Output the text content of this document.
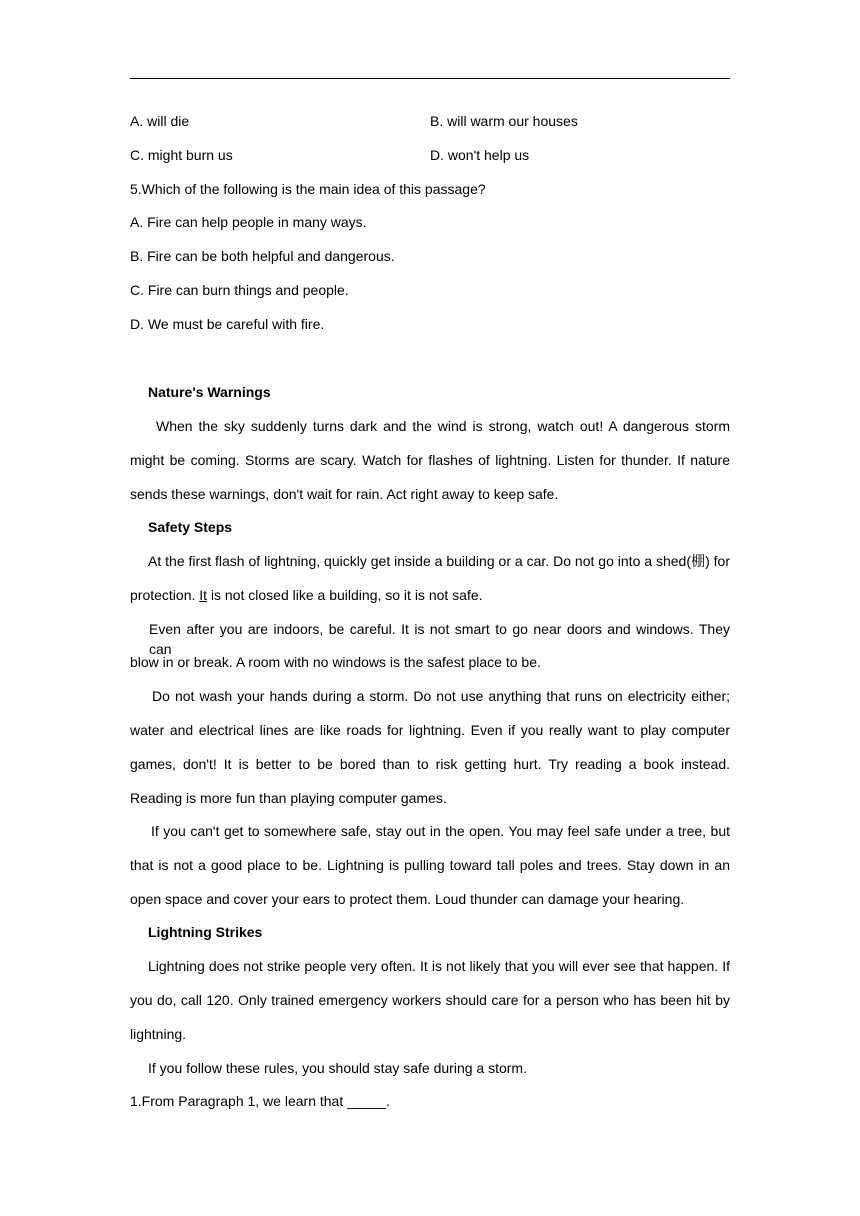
A. will die	B. will warm our houses
C. might burn us	D. won't help us
5.Which of the following is the main idea of this passage?
A. Fire can help people in many ways.
B. Fire can be both helpful and dangerous.
C. Fire can burn things and people.
D. We must be careful with fire.
Nature's Warnings
When the sky suddenly turns dark and the wind is strong, watch out! A dangerous storm
might be coming. Storms are scary. Watch for flashes of lightning. Listen for thunder. If nature
sends these warnings, don't wait for rain. Act right away to keep safe.
Safety Steps
At the first flash of lightning, quickly get inside a building or a car. Do not go into a shed(棚) for
protection. It is not closed like a building, so it is not safe.
Even after you are indoors, be careful. It is not smart to go near doors and windows. They can
blow in or break. A room with no windows is the safest place to be.
Do not wash your hands during a storm. Do not use anything that runs on electricity either;
water and electrical lines are like roads for lightning. Even if you really want to play computer
games, don't! It is better to be bored than to risk getting hurt. Try reading a book instead.
Reading is more fun than playing computer games.
If you can't get to somewhere safe, stay out in the open. You may feel safe under a tree, but
that is not a good place to be. Lightning is pulling toward tall poles and trees. Stay down in an
open space and cover your ears to protect them. Loud thunder can damage your hearing.
Lightning Strikes
Lightning does not strike people very often. It is not likely that you will ever see that happen. If
you do, call 120. Only trained emergency workers should care for a person who has been hit by
lightning.
If you follow these rules, you should stay safe during a storm.
1.From Paragraph 1, we learn that _____.
